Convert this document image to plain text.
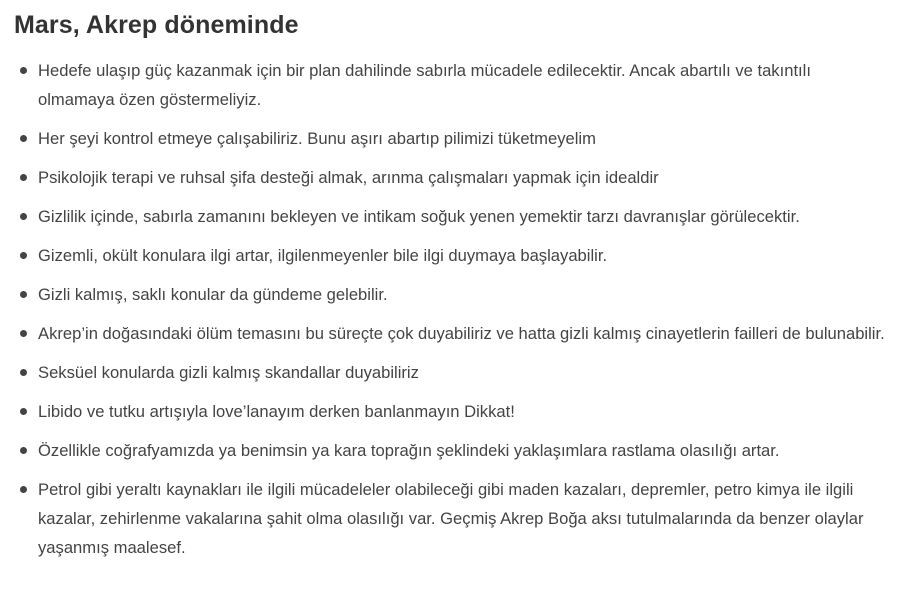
Mars, Akrep döneminde
Hedefe ulaşıp güç kazanmak için bir plan dahilinde sabırla mücadele edilecektir. Ancak abartılı ve takıntılı olmamaya özen göstermeliyiz.
Her şeyi kontrol etmeye çalışabiliriz. Bunu aşırı abartıp pilimizi tüketmeyelim
Psikolojik terapi ve ruhsal şifa desteği almak, arınma çalışmaları yapmak için idealdir
Gizlilik içinde, sabırla zamanını bekleyen ve intikam soğuk yenen yemektir tarzı davranışlar görülecektir.
Gizemli, okült konulara ilgi artar, ilgilenmeyenler bile ilgi duymaya başlayabilir.
Gizli kalmış, saklı konular da gündeme gelebilir.
Akrep’in doğasındaki ölüm temasını bu süreçte çok duyabiliriz ve hatta gizli kalmış cinayetlerin failleri de bulunabilir.
Seksüel konularda gizli kalmış skandallar duyabiliriz
Libido ve tutku artışıyla love’lanayım derken banlanmayın Dikkat!
Özellikle coğrafyamızda ya benimsin ya kara toprağın şeklindeki yaklaşımlara rastlama olasılığı artar.
Petrol gibi yeraltı kaynakları ile ilgili mücadeleler olabileceği gibi maden kazaları, depremler, petro kimya ile ilgili kazalar, zehirlenme vakalarına şahit olma olasılığı var. Geçmiş Akrep Boğa aksı tutulmalarında da benzer olaylar yaşanmış maalesef.
